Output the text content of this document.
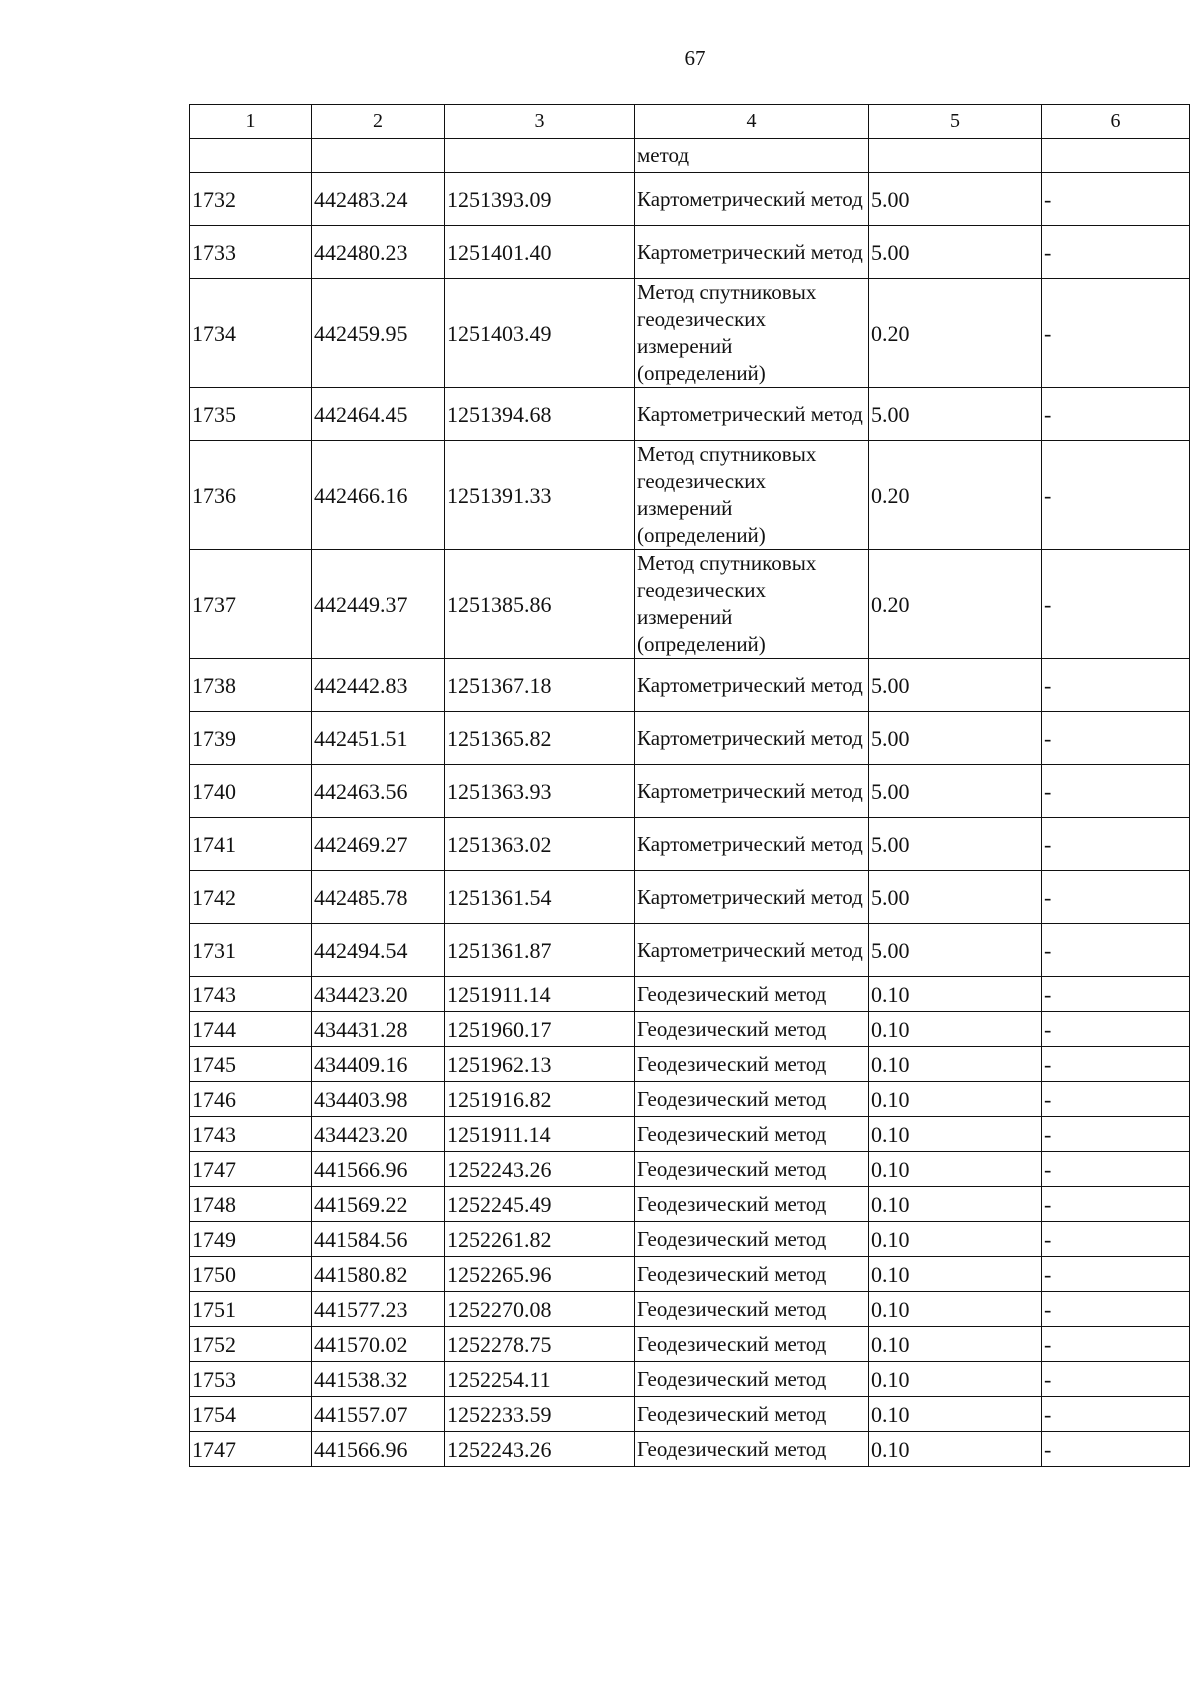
67
1	2	3	4	5	6
			метод		
1732	442483.24	1251393.09	Картометрический метод	5.00	-
1733	442480.23	1251401.40	Картометрический метод	5.00	-
1734	442459.95	1251403.49	Метод спутниковых геодезических измерений (определений)	0.20	-
1735	442464.45	1251394.68	Картометрический метод	5.00	-
1736	442466.16	1251391.33	Метод спутниковых геодезических измерений (определений)	0.20	-
1737	442449.37	1251385.86	Метод спутниковых геодезических измерений (определений)	0.20	-
1738	442442.83	1251367.18	Картометрический метод	5.00	-
1739	442451.51	1251365.82	Картометрический метод	5.00	-
1740	442463.56	1251363.93	Картометрический метод	5.00	-
1741	442469.27	1251363.02	Картометрический метод	5.00	-
1742	442485.78	1251361.54	Картометрический метод	5.00	-
1731	442494.54	1251361.87	Картометрический метод	5.00	-
1743	434423.20	1251911.14	Геодезический метод	0.10	-
1744	434431.28	1251960.17	Геодезический метод	0.10	-
1745	434409.16	1251962.13	Геодезический метод	0.10	-
1746	434403.98	1251916.82	Геодезический метод	0.10	-
1743	434423.20	1251911.14	Геодезический метод	0.10	-
1747	441566.96	1252243.26	Геодезический метод	0.10	-
1748	441569.22	1252245.49	Геодезический метод	0.10	-
1749	441584.56	1252261.82	Геодезический метод	0.10	-
1750	441580.82	1252265.96	Геодезический метод	0.10	-
1751	441577.23	1252270.08	Геодезический метод	0.10	-
1752	441570.02	1252278.75	Геодезический метод	0.10	-
1753	441538.32	1252254.11	Геодезический метод	0.10	-
1754	441557.07	1252233.59	Геодезический метод	0.10	-
1747	441566.96	1252243.26	Геодезический метод	0.10	-
